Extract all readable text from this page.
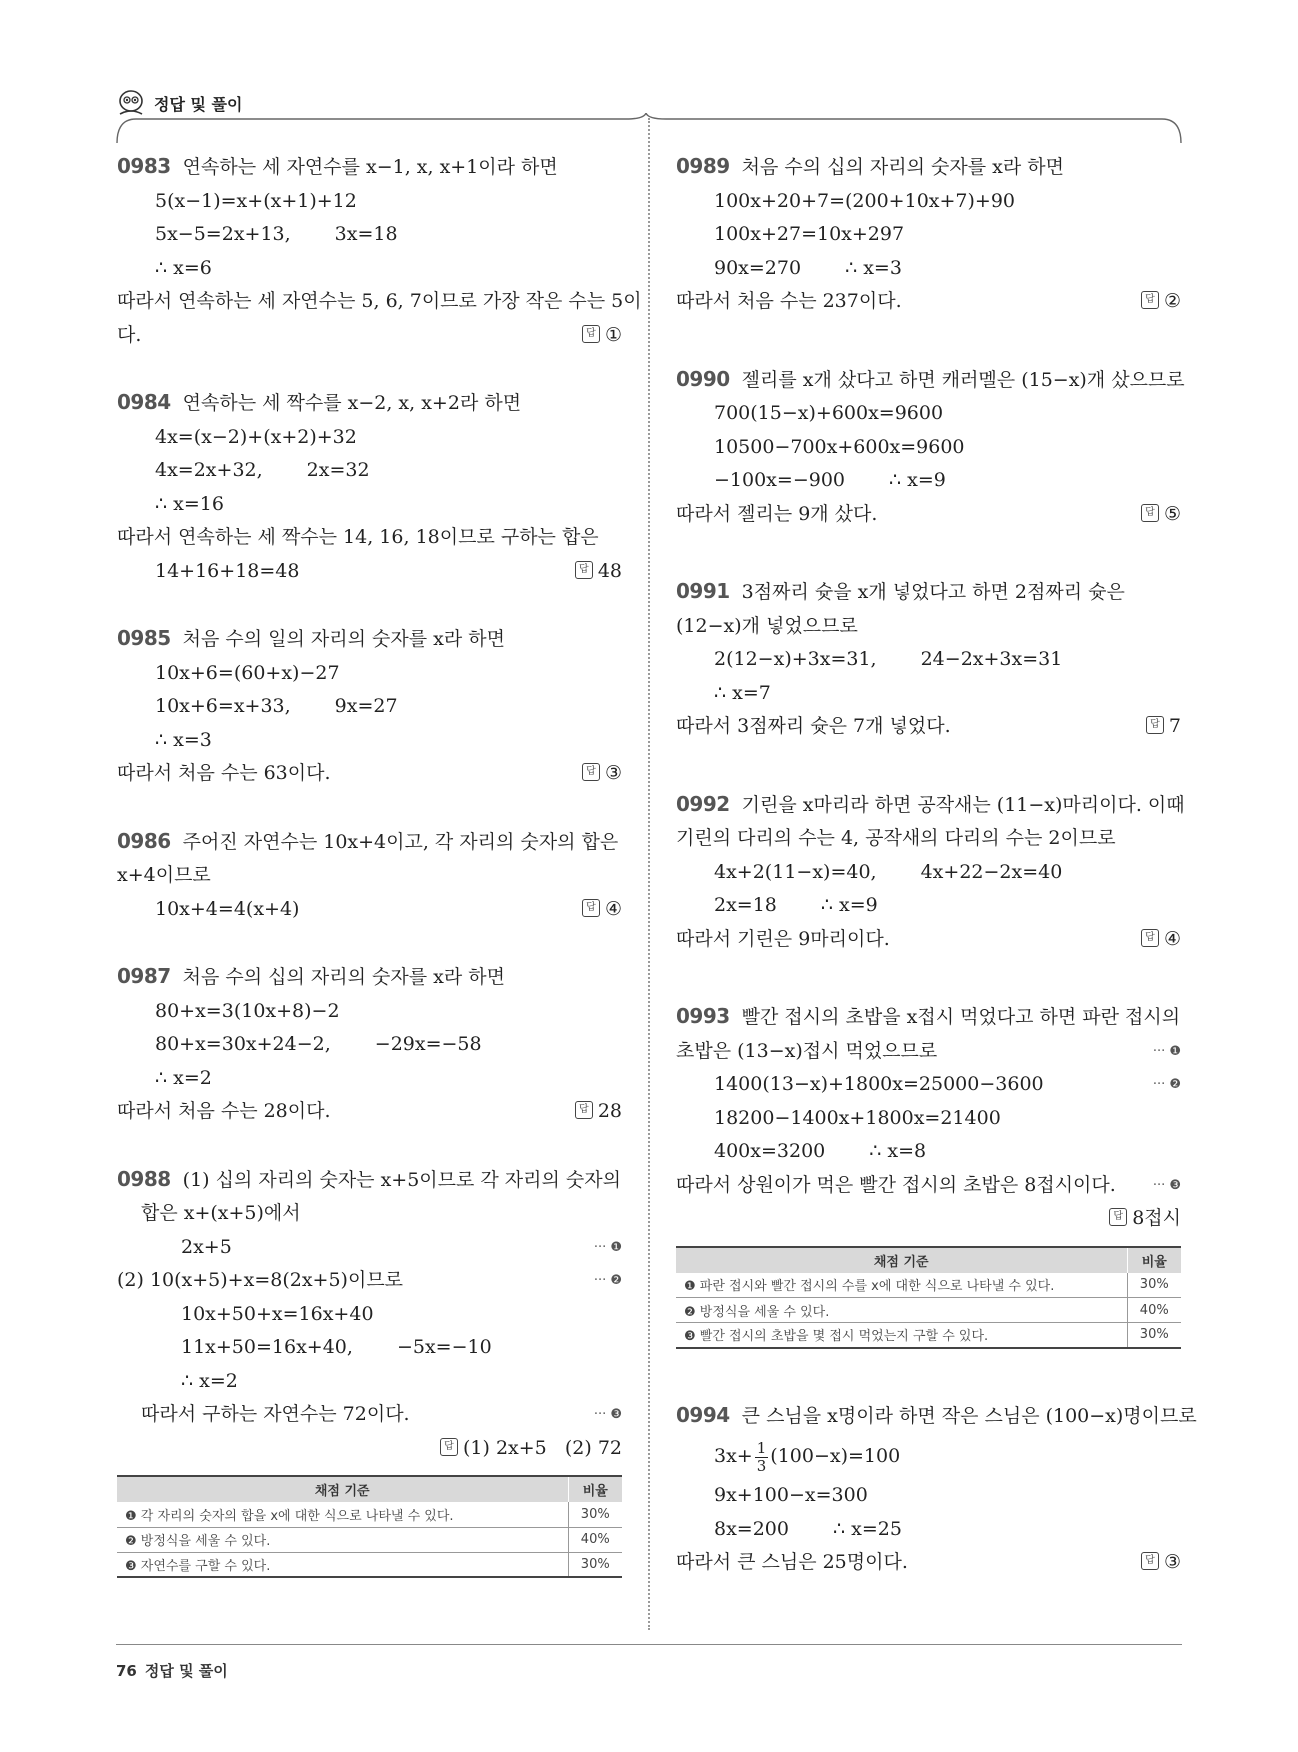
정답 및 풀이
0983 연속하는 세 자연수를 x−1, x, x+1이라 하면
5(x−1)=x+(x+1)+12
5x−5=2x+13, 3x=18
∴ x=6
따라서 연속하는 세 자연수는 5, 6, 7이므로 가장 작은 수는 5이
다.	답 ①
0984 연속하는 세 짝수를 x−2, x, x+2라 하면
4x=(x−2)+(x+2)+32
4x=2x+32, 2x=32
∴ x=16
따라서 연속하는 세 짝수는 14, 16, 18이므로 구하는 합은
14+16+18=48	답 48
0985 처음 수의 일의 자리의 숫자를 x라 하면
10x+6=(60+x)−27
10x+6=x+33, 9x=27
∴ x=3
따라서 처음 수는 63이다.	답 ③
0986 주어진 자연수는 10x+4이고, 각 자리의 숫자의 합은
x+4이므로
10x+4=4(x+4)	답 ④
0987 처음 수의 십의 자리의 숫자를 x라 하면
80+x=3(10x+8)−2
80+x=30x+24−2, −29x=−58
∴ x=2
따라서 처음 수는 28이다.	답 28
0988 (1) 십의 자리의 숫자는 x+5이므로 각 자리의 숫자의
합은 x+(x+5)에서
2x+5	··· ❶
(2) 10(x+5)+x=8(2x+5)이므로	··· ❷
10x+50+x=16x+40
11x+50=16x+40, −5x=−10
∴ x=2
따라서 구하는 자연수는 72이다.	··· ❸
답 (1) 2x+5   (2) 72
채점 기준	비율
❶ 각 자리의 숫자의 합을 x에 대한 식으로 나타낼 수 있다.	30%
❷ 방정식을 세울 수 있다.	40%
❸ 자연수를 구할 수 있다.	30%
0989 처음 수의 십의 자리의 숫자를 x라 하면
100x+20+7=(200+10x+7)+90
100x+27=10x+297
90x=270 ∴ x=3
따라서 처음 수는 237이다.	답 ②
0990 젤리를 x개 샀다고 하면 캐러멜은 (15−x)개 샀으므로
700(15−x)+600x=9600
10500−700x+600x=9600
−100x=−900 ∴ x=9
따라서 젤리는 9개 샀다.	답 ⑤
0991 3점짜리 슛을 x개 넣었다고 하면 2점짜리 슛은
(12−x)개 넣었으므로
2(12−x)+3x=31, 24−2x+3x=31
∴ x=7
따라서 3점짜리 슛은 7개 넣었다.	답 7
0992 기린을 x마리라 하면 공작새는 (11−x)마리이다. 이때
기린의 다리의 수는 4, 공작새의 다리의 수는 2이므로
4x+2(11−x)=40, 4x+22−2x=40
2x=18 ∴ x=9
따라서 기린은 9마리이다.	답 ④
0993 빨간 접시의 초밥을 x접시 먹었다고 하면 파란 접시의
초밥은 (13−x)접시 먹었으므로	··· ❶
1400(13−x)+1800x=25000−3600	··· ❷
18200−1400x+1800x=21400
400x=3200 ∴ x=8
따라서 상원이가 먹은 빨간 접시의 초밥은 8접시이다.	··· ❸
답 8접시
채점 기준	비율
❶ 파란 접시와 빨간 접시의 수를 x에 대한 식으로 나타낼 수 있다.	30%
❷ 방정식을 세울 수 있다.	40%
❸ 빨간 접시의 초밥을 몇 접시 먹었는지 구할 수 있다.	30%
0994 큰 스님을 x명이라 하면 작은 스님은 (100−x)명이므로
$3x+ \frac{1}{3} (100-x)=100$
9x+100−x=300
8x=200 ∴ x=25
따라서 큰 스님은 25명이다.	답 ③
76 정답 및 풀이
